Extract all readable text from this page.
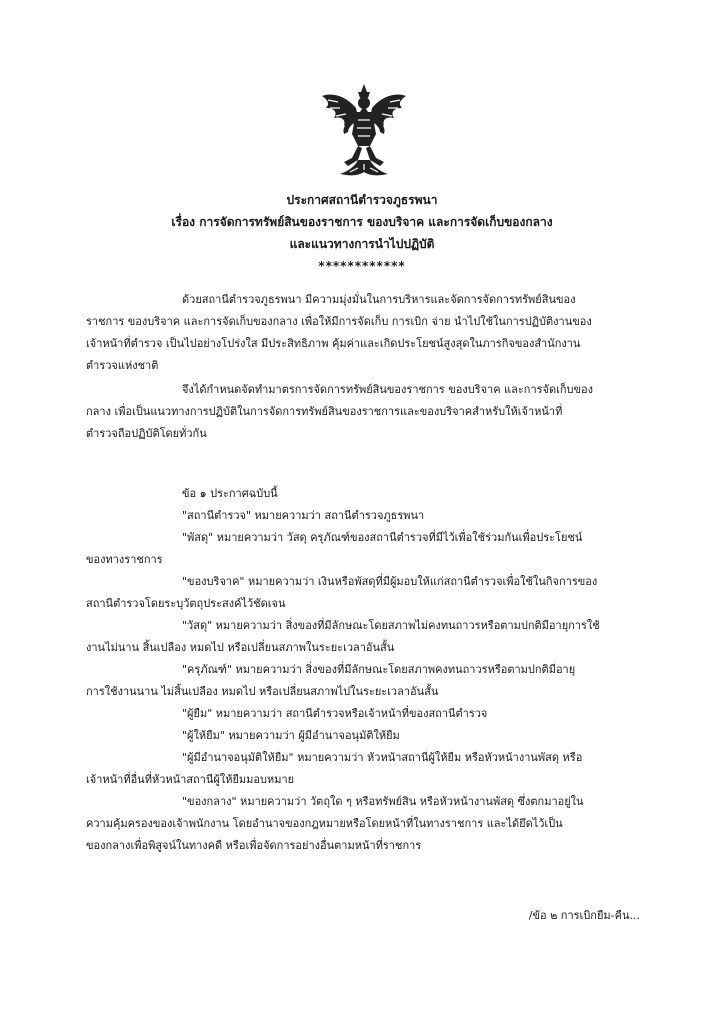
ประกาศสถานีตำรวจภูธรพนา
เรื่อง การจัดการทรัพย์สินของราชการ ของบริจาค และการจัดเก็บของกลาง
และแนวทางการนำไปปฏิบัติ
************
ด้วยสถานีตำรวจภูธรพนา มีความมุ่งมั่นในการบริหารและจัดการจัดการทรัพย์สินของ
ราชการ ของบริจาค และการจัดเก็บของกลาง เพื่อให้มีการจัดเก็บ การเบิก จ่าย นำไปใช้ในการปฏิบัติงานของ
เจ้าหน้าที่ตำรวจ เป็นไปอย่างโปร่งใส มีประสิทธิภาพ คุ้มค่าและเกิดประโยชน์สูงสุดในภารกิจของสำนักงาน
ตำรวจแห่งชาติ
จึงได้กำหนดจัดทำมาตรการจัดการทรัพย์สินของราชการ ของบริจาค และการจัดเก็บของ
กลาง เพื่อเป็นแนวทางการปฏิบัติในการจัดการทรัพย์สินของราชการและของบริจาคสำหรับให้เจ้าหน้าที่
ตำรวจถือปฏิบัติโดยทั่วกัน
ข้อ ๑ ประกาศฉบับนี้
"สถานีตำรวจ" หมายความว่า สถานีตำรวจภูธรพนา
"พัสดุ" หมายความว่า วัสดุ ครุภัณฑ์ของสถานีตำรวจที่มีไว้เพื่อใช้ร่วมกันเพื่อประโยชน์
ของทางราชการ
"ของบริจาค" หมายความว่า เงินหรือพัสดุที่มีผู้มอบให้แก่สถานีตำรวจเพื่อใช้ในกิจการของ
สถานีตำรวจโดยระบุวัตถุประสงค์ไว้ชัดเจน
"วัสดุ" หมายความว่า สิ่งของที่มีลักษณะโดยสภาพไม่คงทนถาวรหรือตามปกติมีอายุการใช้
งานไม่นาน สิ้นเปลือง หมดไป หรือเปลี่ยนสภาพในระยะเวลาอันสั้น
"ครุภัณฑ์" หมายความว่า สิ่งของที่มีลักษณะโดยสภาพคงทนถาวรหรือตามปกติมีอายุ
การใช้งานนาน ไม่สิ้นเปลือง หมดไป หรือเปลี่ยนสภาพไปในระยะเวลาอันสั้น
"ผู้ยืม" หมายความว่า สถานีตำรวจหรือเจ้าหน้าที่ของสถานีตำรวจ
"ผู้ให้ยืม" หมายความว่า ผู้มีอำนาจอนุมัติให้ยืม
"ผู้มีอำนาจอนุมัติให้ยืม" หมายความว่า หัวหน้าสถานีผู้ให้ยืม หรือหัวหน้างานพัสดุ หรือ
เจ้าหน้าที่อื่นที่หัวหน้าสถานีผู้ให้ยืมมอบหมาย
"ของกลาง" หมายความว่า วัตถุใด ๆ หรือทรัพย์สิน หรือหัวหน้างานพัสดุ ซึ่งตกมาอยู่ใน
ความคุ้มครองของเจ้าพนักงาน โดยอำนาจของกฎหมายหรือโดยหน้าที่ในทางราชการ และได้ยึดไว้เป็น
ของกลางเพื่อพิสูจน์ในทางคดี หรือเพื่อจัดการอย่างอื่นตามหน้าที่ราชการ
/ข้อ ๒ การเบิกยืม-คืน...
